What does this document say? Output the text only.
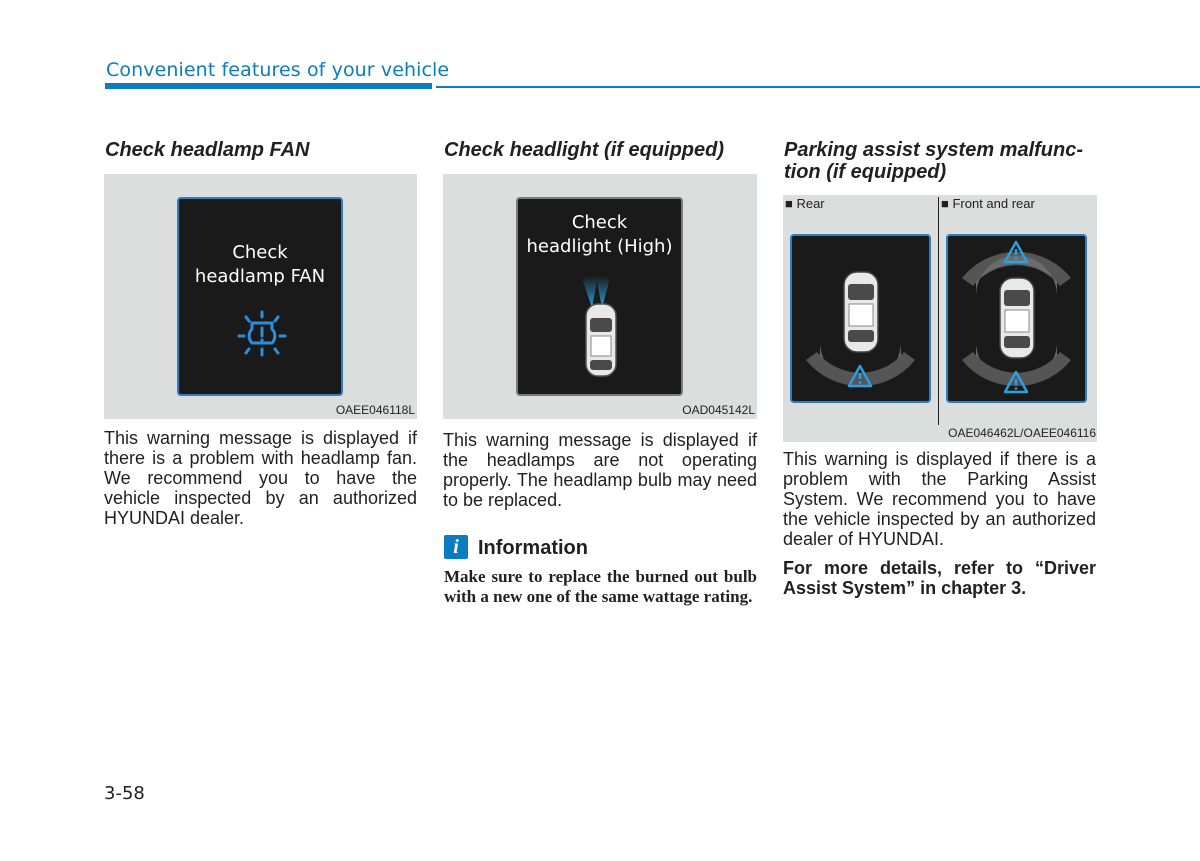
Convenient features of your vehicle
Check headlamp FAN
Check
headlamp FAN
OAEE046118L
This warning message is displayed if there is a problem with headlamp fan. We recommend you to have the vehicle inspected by an authorized HYUNDAI dealer.
Check headlight (if equipped)
Check
headlight (High)
OAD045142L
This warning message is displayed if the headlamps are not operating properly. The headlamp bulb may need to be replaced.
i Information
Make sure to replace the burned out bulb with a new one of the same wattage rating.
Parking assist system malfunc-
tion (if equipped)
■ Rear	■ Front and rear
OAE046462L/OAEE046116
This warning is displayed if there is a problem with the Parking Assist System. We recommend you to have the vehicle inspected by an authorized dealer of HYUNDAI.
For more details, refer to “Driver Assist System” in chapter 3.
3-58
